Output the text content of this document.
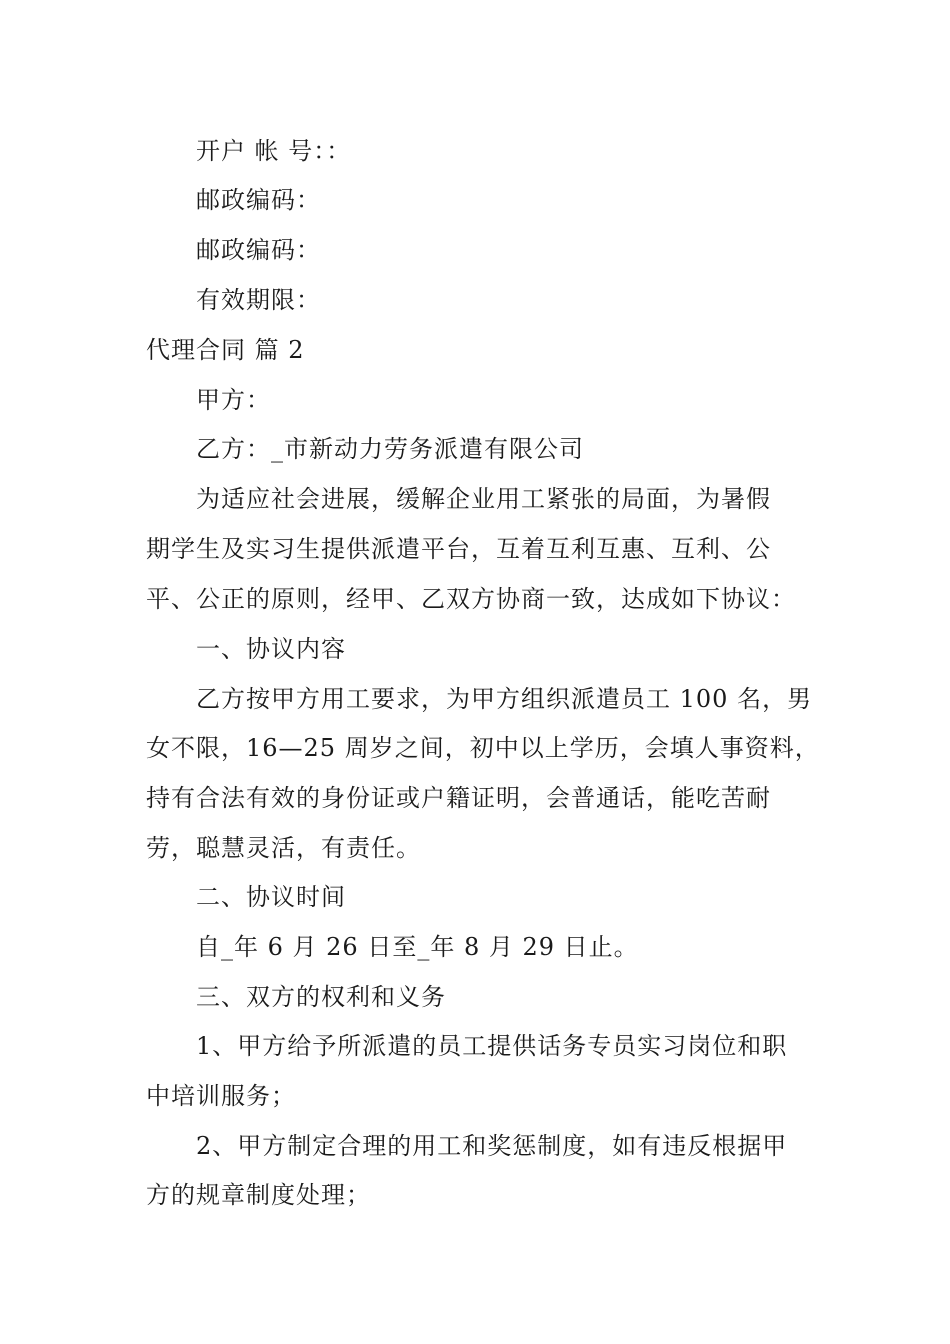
开户 帐 号：：
邮政编码：
邮政编码：
有效期限：
代理合同 篇 2
甲方：
乙方：_市新动力劳务派遣有限公司
为适应社会进展，缓解企业用工紧张的局面，为暑假
期学生及实习生提供派遣平台，互着互利互惠、互利、公
平、公正的原则，经甲、乙双方协商一致，达成如下协议：
一、协议内容
乙方按甲方用工要求，为甲方组织派遣员工 100 名，男
女不限，16—25 周岁之间，初中以上学历，会填人事资料，
持有合法有效的身份证或户籍证明，会普通话，能吃苦耐
劳，聪慧灵活，有责任。
二、协议时间
自_年 6 月 26 日至_年 8 月 29 日止。
三、双方的权利和义务
1、甲方给予所派遣的员工提供话务专员实习岗位和职
中培训服务；
2、甲方制定合理的用工和奖惩制度，如有违反根据甲
方的规章制度处理；
